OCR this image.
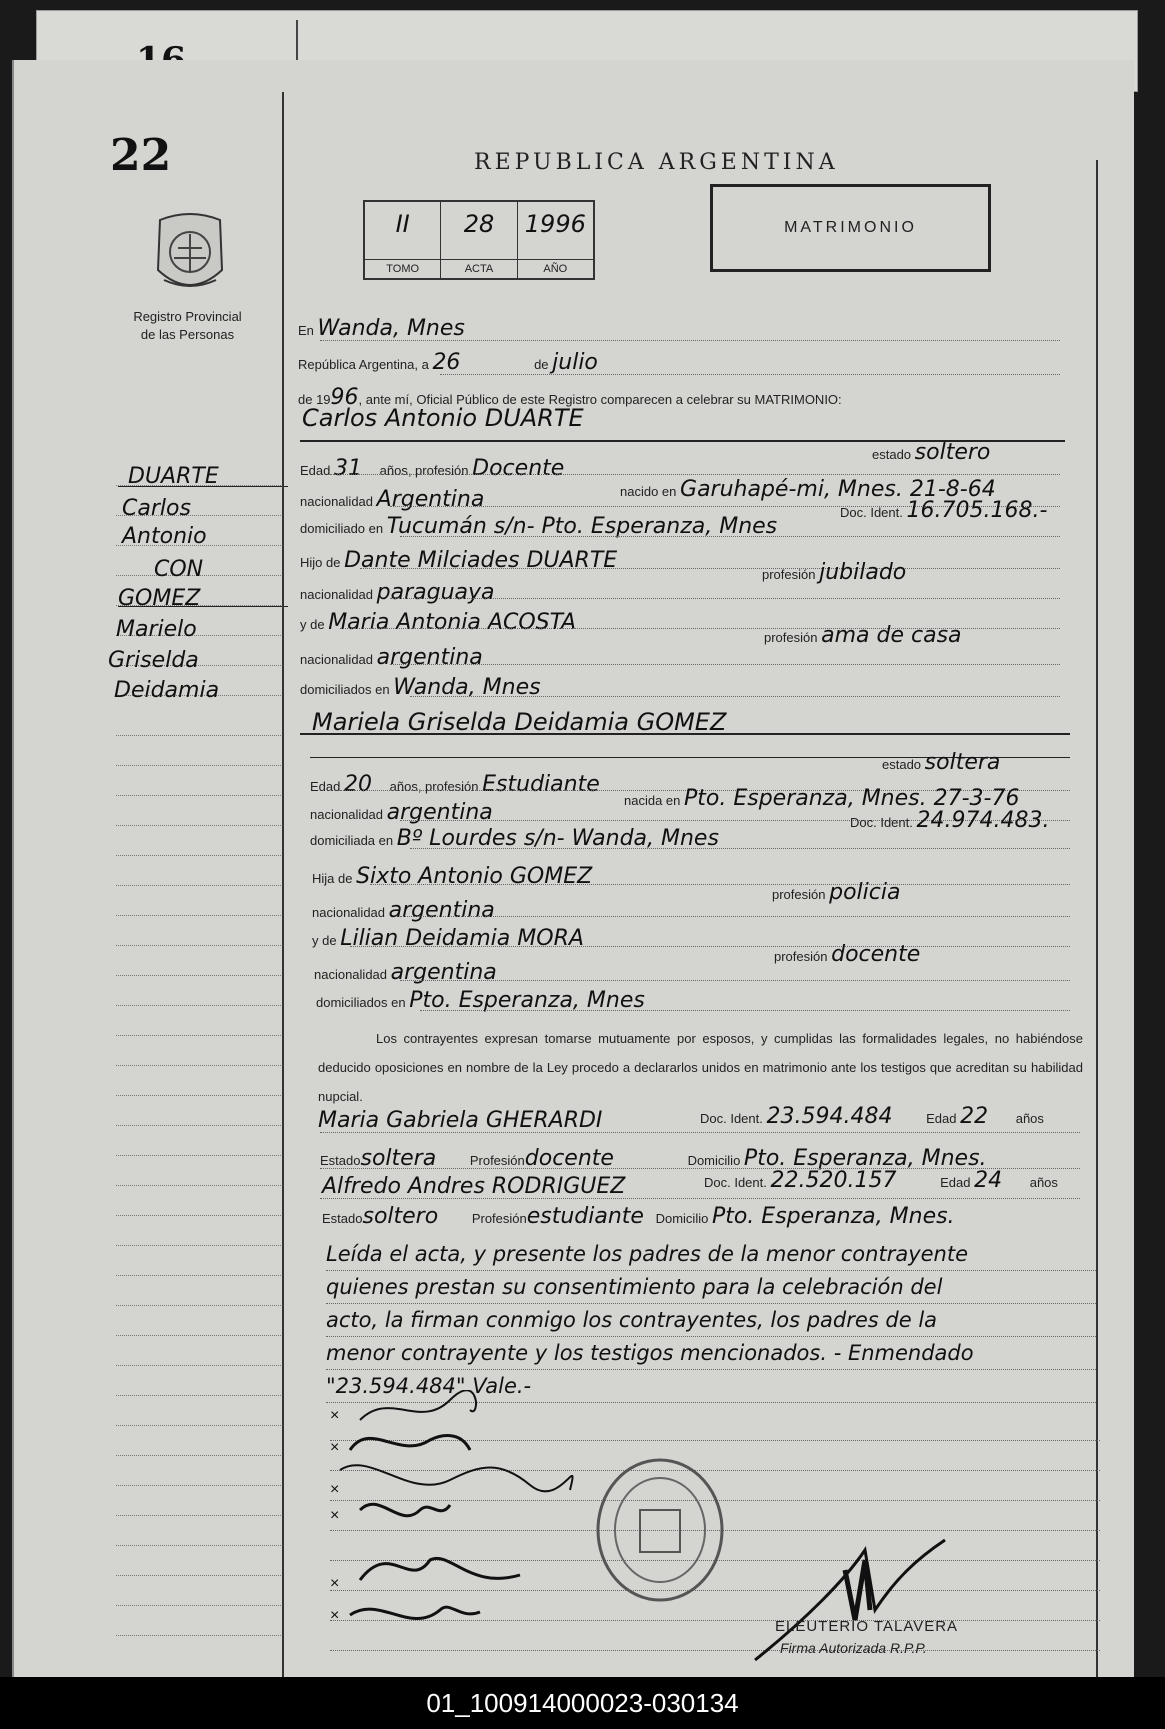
22
Registro Provincial
de las Personas
DUARTE
Carlos
Antonio
CON
GOMEZ
Marielo
Griselda
Deidamia
REPUBLICA ARGENTINA
II
TOMO
28
ACTA
1996
AÑO
MATRIMONIO
En Wanda, Mnes
República Argentina, a 26	de julio
de 1996, ante mí, Oficial Público de este Registro comparecen a celebrar su MATRIMONIO:
Carlos Antonio DUARTE
Edad 31 años, profesión Docente
estado soltero
nacionalidad Argentina	nacido en Garuhapé-mi, Mnes. 21-8-64
domiciliado en Tucumán s/n- Pto. Esperanza, Mnes
Doc. Ident. 16.705.168.-
Hijo de Dante Milciades DUARTE
nacionalidad paraguaya
profesión jubilado
y de Maria Antonia ACOSTA
nacionalidad argentina
profesión ama de casa
domiciliados en Wanda, Mnes
Mariela Griselda Deidamia GOMEZ
Edad 20 años, profesión Estudiante
estado soltera
nacionalidad argentina	nacida en Pto. Esperanza, Mnes. 27-3-76
domiciliada en Bº Lourdes s/n- Wanda, Mnes
Doc. Ident. 24.974.483.
Hija de Sixto Antonio GOMEZ
nacionalidad argentina
profesión policia
y de Lilian Deidamia MORA
nacionalidad argentina
profesión docente
domiciliados en Pto. Esperanza, Mnes
Los contrayentes expresan tomarse mutuamente por esposos, y cumplidas las formalidades legales, no habiéndose deducido oposiciones en nombre de la Ley procedo a declararlos unidos en matrimonio ante los testigos que acreditan su habilidad nupcial.
Maria Gabriela GHERARDI	Doc. Ident. 23.594.484	Edad 22 años
Estadosoltera	Profesióndocente	Domicilio Pto. Esperanza, Mnes.
Alfredo Andres RODRIGUEZ	Doc. Ident. 22.520.157	Edad 24 años
Estadosoltero	Profesiónestudiante Domicilio Pto. Esperanza, Mnes.
Leída el acta, y presente los padres de la menor contrayente
quienes prestan su consentimiento para la celebración del
acto, la firman conmigo los contrayentes, los padres de la
menor contrayente y los testigos mencionados. - Enmendado
"23.594.484" Vale.-
×
×
×
×
×
×
ELEUTERIO TALAVERA
Firma Autorizada R.P.P.
01_100914000023-030134
